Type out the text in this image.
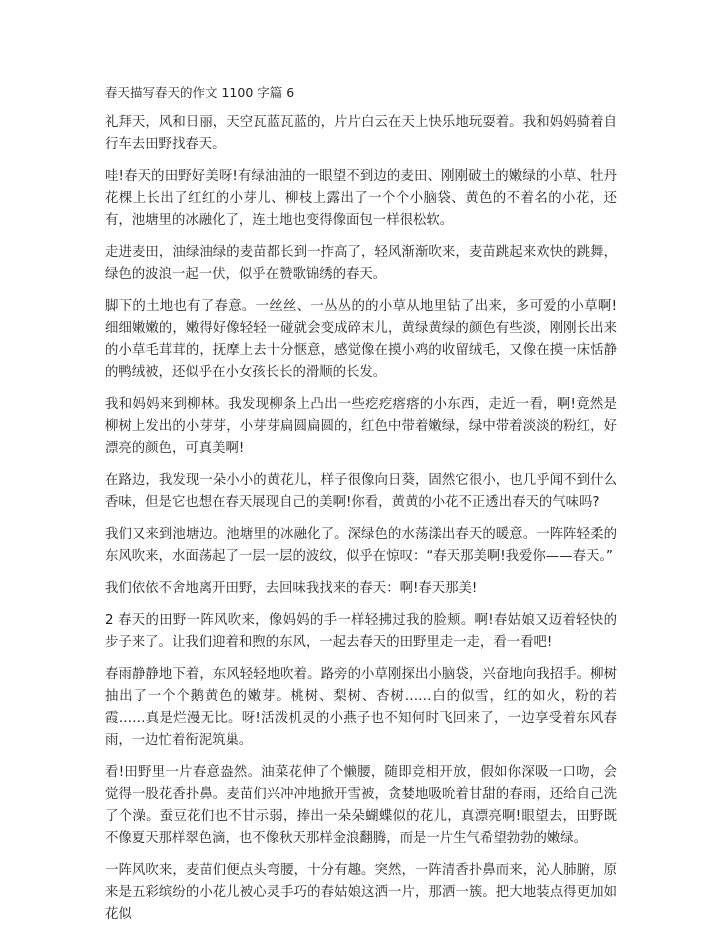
春天描写春天的作文 1100 字篇 6

礼拜天，风和日丽，天空瓦蓝瓦蓝的，片片白云在天上快乐地玩耍着。我和妈妈骑着自行车去田野找春天。

哇!春天的田野好美呀!有绿油油的一眼望不到边的麦田、刚刚破土的嫩绿的小草、牡丹花棵上长出了红红的小芽儿、柳枝上露出了一个个小脑袋、黄色的不着名的小花，还有，池塘里的冰融化了，连土地也变得像面包一样很松软。

走进麦田，油绿油绿的麦苗都长到一拃高了，轻风渐渐吹来，麦苗跳起来欢快的跳舞，绿色的波浪一起一伏，似乎在赞歌锦绣的春天。

脚下的土地也有了春意。一丝丝、一丛丛的的小草从地里钻了出来，多可爱的小草啊!细细嫩嫩的，嫩得好像轻轻一碰就会变成碎末儿，黄绿黄绿的颜色有些淡，刚刚长出来的小草毛茸茸的，抚摩上去十分惬意，感觉像在摸小鸡的收留绒毛，又像在摸一床恬静的鸭绒被，还似乎在小女孩长长的滑顺的长发。

我和妈妈来到柳林。我发现柳条上凸出一些疙疙瘩瘩的小东西，走近一看，啊!竟然是柳树上发出的小芽芽，小芽芽扁圆扁圆的，红色中带着嫩绿，绿中带着淡淡的粉红，好漂亮的颜色，可真美啊!

在路边，我发现一朵小小的黄花儿，样子很像向日葵，固然它很小，也几乎闻不到什么香味，但是它也想在春天展现自己的美啊!你看，黄黄的小花不正透出春天的气味吗?

我们又来到池塘边。池塘里的冰融化了。深绿色的水荡漾出春天的暖意。一阵阵轻柔的东风吹来，水面荡起了一层一层的波纹，似乎在惊叹：“春天那美啊!我爱你——春天。”

我们依依不舍地离开田野，去回味我找来的春天：啊!春天那美!

2 春天的田野一阵风吹来，像妈妈的手一样轻拂过我的脸颊。啊!春姑娘又迈着轻快的步子来了。让我们迎着和煦的东风，一起去春天的田野里走一走，看一看吧!

春雨静静地下着，东风轻轻地吹着。路旁的小草刚探出小脑袋，兴奋地向我招手。柳树抽出了一个个鹅黄色的嫩芽。桃树、梨树、杏树……白的似雪，红的如火，粉的若霞……真是烂漫无比。呀!活泼机灵的小燕子也不知何时飞回来了，一边享受着东风春雨，一边忙着衔泥筑巢。

看!田野里一片春意盎然。油菜花伸了个懒腰，随即竞相开放，假如你深吸一口吻，会觉得一股花香扑鼻。麦苗们兴冲冲地掀开雪被，贪婪地吸吮着甘甜的春雨，还给自己洗了个澡。蚕豆花们也不甘示弱，捧出一朵朵蝴蝶似的花儿，真漂亮啊!眼望去，田野既不像夏天那样翠色滴，也不像秋天那样金浪翻腾，而是一片生气希望勃勃的嫩绿。

一阵风吹来，麦苗们便点头弯腰，十分有趣。突然，一阵清香扑鼻而来，沁人肺腑，原来是五彩缤纷的小花儿被心灵手巧的春姑娘这洒一片，那洒一簇。把大地装点得更加如花似
